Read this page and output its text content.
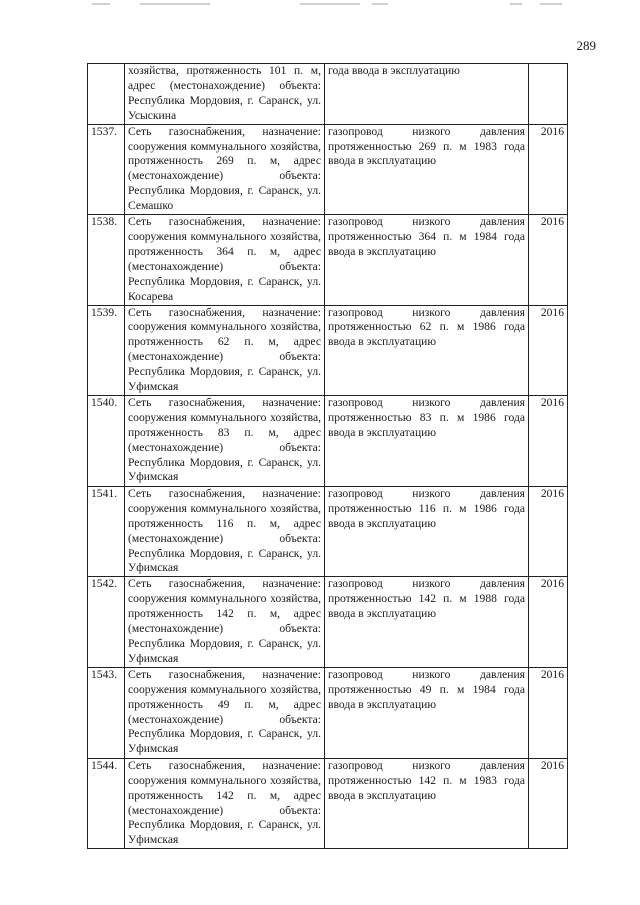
289
	хозяйства, протяженность 101 п. м, адрес (местонахождение) объекта: Республика Мордовия, г. Саранск, ул. Усыскина	года ввода в эксплуатацию	
1537.	Сеть газоснабжения, назначение: сооружения коммунального хозяйства, протяженность 269 п. м, адрес (местонахождение) объекта: Республика Мордовия, г. Саранск, ул. Семашко	газопровод низкого давления протяженностью 269 п. м 1983 года ввода в эксплуатацию	2016
1538.	Сеть газоснабжения, назначение: сооружения коммунального хозяйства, протяженность 364 п. м, адрес (местонахождение) объекта: Республика Мордовия, г. Саранск, ул. Косарева	газопровод низкого давления протяженностью 364 п. м 1984 года ввода в эксплуатацию	2016
1539.	Сеть газоснабжения, назначение: сооружения коммунального хозяйства, протяженность 62 п. м, адрес (местонахождение) объекта: Республика Мордовия, г. Саранск, ул. Уфимская	газопровод низкого давления протяженностью 62 п. м 1986 года ввода в эксплуатацию	2016
1540.	Сеть газоснабжения, назначение: сооружения коммунального хозяйства, протяженность 83 п. м, адрес (местонахождение) объекта: Республика Мордовия, г. Саранск, ул. Уфимская	газопровод низкого давления протяженностью 83 п. м 1986 года ввода в эксплуатацию	2016
1541.	Сеть газоснабжения, назначение: сооружения коммунального хозяйства, протяженность 116 п. м, адрес (местонахождение) объекта: Республика Мордовия, г. Саранск, ул. Уфимская	газопровод низкого давления протяженностью 116 п. м 1986 года ввода в эксплуатацию	2016
1542.	Сеть газоснабжения, назначение: сооружения коммунального хозяйства, протяженность 142 п. м, адрес (местонахождение) объекта: Республика Мордовия, г. Саранск, ул. Уфимская	газопровод низкого давления протяженностью 142 п. м 1988 года ввода в эксплуатацию	2016
1543.	Сеть газоснабжения, назначение: сооружения коммунального хозяйства, протяженность 49 п. м, адрес (местонахождение) объекта: Республика Мордовия, г. Саранск, ул. Уфимская	газопровод низкого давления протяженностью 49 п. м 1984 года ввода в эксплуатацию	2016
1544.	Сеть газоснабжения, назначение: сооружения коммунального хозяйства, протяженность 142 п. м, адрес (местонахождение) объекта: Республика Мордовия, г. Саранск, ул. Уфимская	газопровод низкого давления протяженностью 142 п. м 1983 года ввода в эксплуатацию	2016
